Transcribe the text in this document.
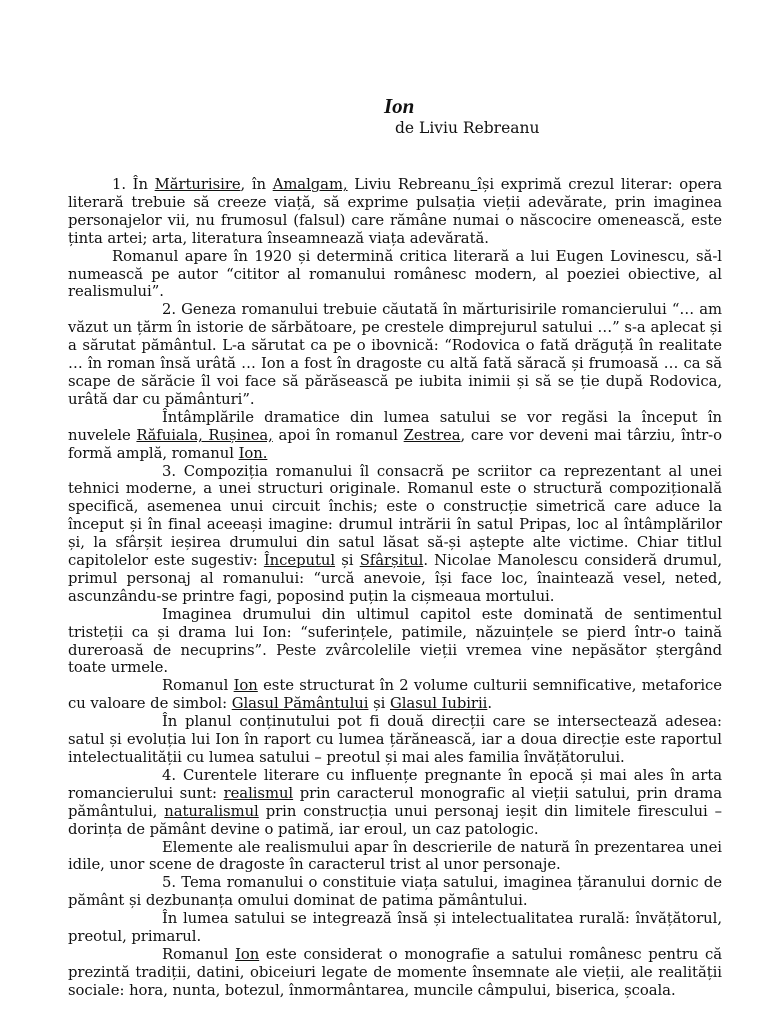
Ion

de Liviu Rebreanu

1. În Mărturisire, în Amalgam, Liviu Rebreanu își exprimă crezul literar: opera literară trebuie să creeze viață, să exprime pulsația vieții adevărate, prin imaginea personajelor vii, nu frumosul (falsul) care rămâne numai o născocire omenească, este ținta artei; arta, literatura înseamnează viața adevărată.

Romanul apare în 1920 și determină critica literară a lui Eugen Lovinescu, să-l numească pe autor “cititor al romanului românesc modern, al poeziei obiective, al realismului”.

2. Geneza romanului trebuie căutată în mărturisirile romancierului “… am văzut un țărm în istorie de sărbătoare, pe crestele dimprejurul satului …” s-a aplecat și a sărutat pământul. L-a sărutat ca pe o ibovnică: “Rodovica o fată drăguță în realitate … în roman însă urâtă … Ion a fost în dragoste cu altă fată săracă și frumoasă … ca să scape de sărăcie îl voi face să părăsească pe iubita inimii și să se ție după Rodovica, urâtă dar cu pământuri”.

Întâmplările dramatice din lumea satului se vor regăsi la început în nuvelele Răfuiala, Rușinea, apoi în romanul Zestrea, care vor deveni mai târziu, într-o formă amplă, romanul Ion.

3. Compoziția romanului îl consacră pe scriitor ca reprezentant al unei tehnici moderne, a unei structuri originale. Romanul este o structură compozițională specifică, asemenea unui circuit închis; este o construcție simetrică care aduce la început și în final aceeași imagine: drumul intrării în satul Pripas, loc al întâmplărilor și, la sfârșit ieșirea drumului din satul lăsat să-și aștepte alte victime. Chiar titlul capitolelor este sugestiv: Începutul și Sfârșitul. Nicolae Manolescu consideră drumul, primul personaj al romanului: “urcă anevoie, își face loc, înaintează vesel, neted, ascunzându-se printre fagi, poposind puțin la cișmeaua mortului.

Imaginea drumului din ultimul capitol este dominată de sentimentul tristeții ca și drama lui Ion: “suferințele, patimile, năzuințele se pierd într-o taină dureroasă de necuprins”. Peste zvârcolelile vieții vremea vine nepăsător ștergând toate urmele.

Romanul Ion este structurat în 2 volume culturii semnificative, metaforice cu valoare de simbol: Glasul Pământului și Glasul Iubirii.

În planul conținutului pot fi două direcții care se intersectează adesea: satul și evoluția lui Ion în raport cu lumea țărănească, iar a doua direcție este raportul intelectualității cu lumea satului – preotul și mai ales familia învățătorului.

4. Curentele literare cu influențe pregnante în epocă și mai ales în arta romancierului sunt: realismul prin caracterul monografic al vieții satului, prin drama pământului, naturalismul prin construcția unui personaj ieșit din limitele firescului – dorința de pământ devine o patimă, iar eroul, un caz patologic.

Elemente ale realismului apar în descrierile de natură în prezentarea unei idile, unor scene de dragoste în caracterul trist al unor personaje.

5. Tema romanului o constituie viața satului, imaginea țăranului dornic de pământ și dezbunanța omului dominat de patima pământului.

În lumea satului se integrează însă și intelectualitatea rurală: învățătorul, preotul, primarul.

Romanul Ion este considerat o monografie a satului românesc pentru că prezintă tradiții, datini, obiceiuri legate de momente însemnate ale vieții, ale realității sociale: hora, nunta, botezul, înmormântarea, muncile câmpului, biserica, școala.
